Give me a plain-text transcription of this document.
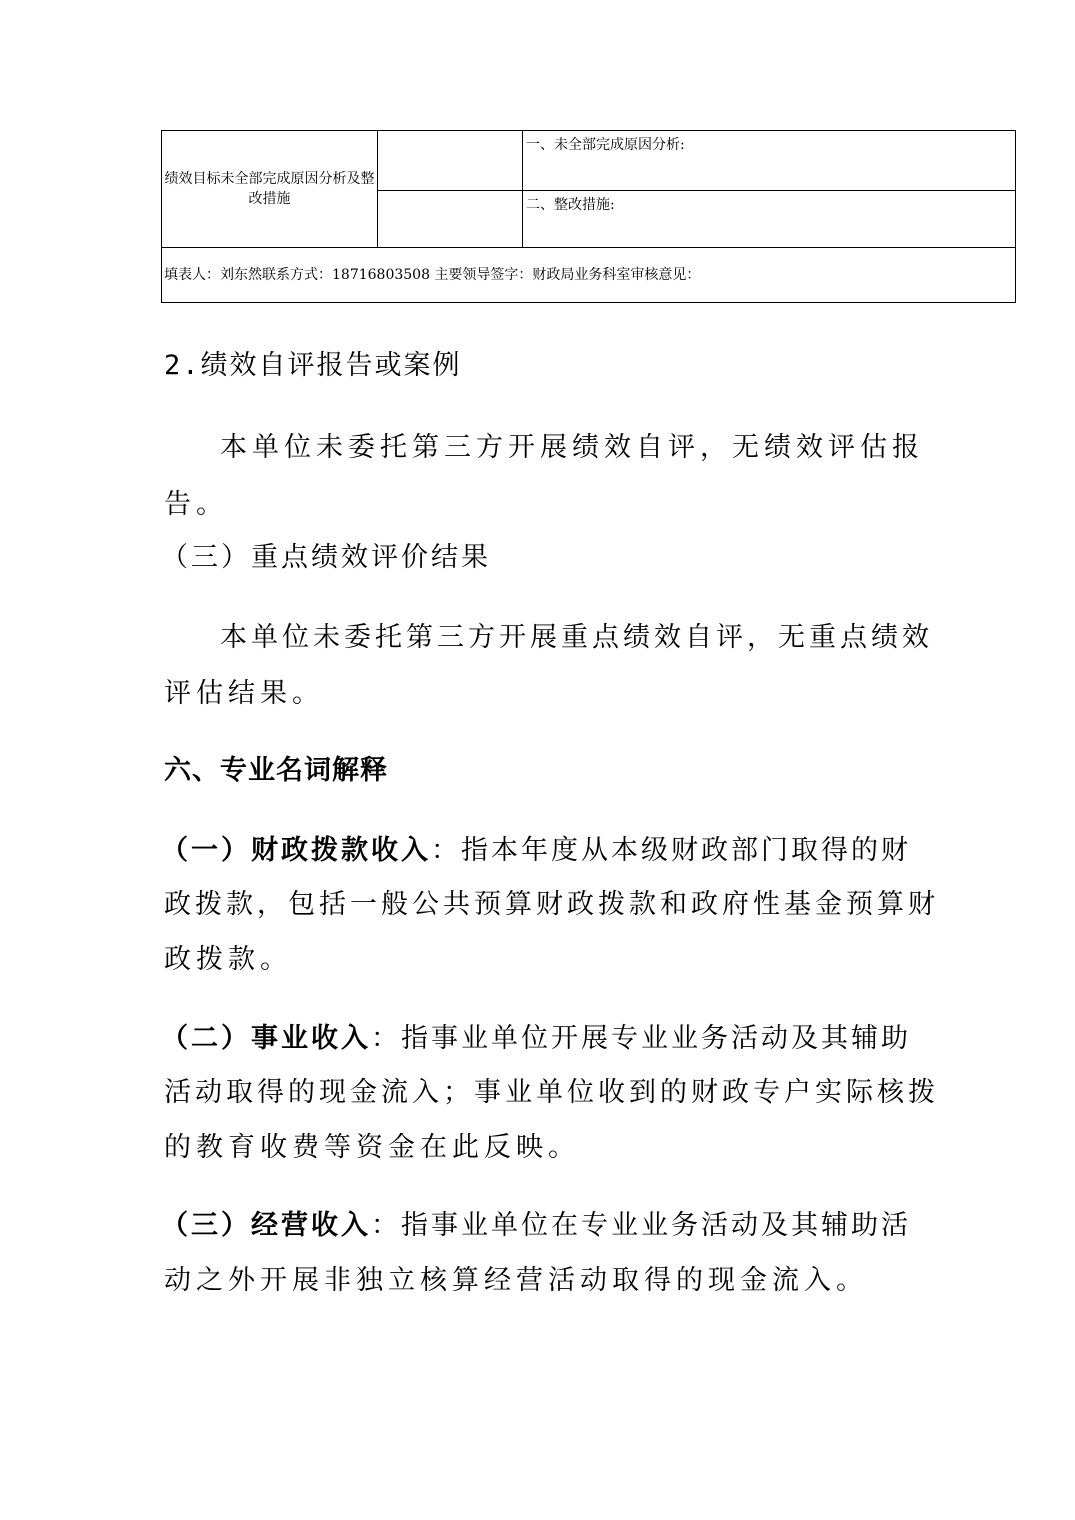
绩效目标未全部完成原因分析及整改措施
一、未全部完成原因分析:
二、整改措施:
填表人：刘东然联系方式：18716803508 主要领导签字：财政局业务科室审核意见：

2.绩效自评报告或案例

本单位未委托第三方开展绩效自评，无绩效评估报

告。

（三）重点绩效评价结果

本单位未委托第三方开展重点绩效自评，无重点绩效

评估结果。

六、专业名词解释

（一）财政拨款收入：指本年度从本级财政部门取得的财

政拨款，包括一般公共预算财政拨款和政府性基金预算财

政拨款。

（二）事业收入：指事业单位开展专业业务活动及其辅助

活动取得的现金流入；事业单位收到的财政专户实际核拨

的教育收费等资金在此反映。

（三）经营收入：指事业单位在专业业务活动及其辅助活

动之外开展非独立核算经营活动取得的现金流入。
